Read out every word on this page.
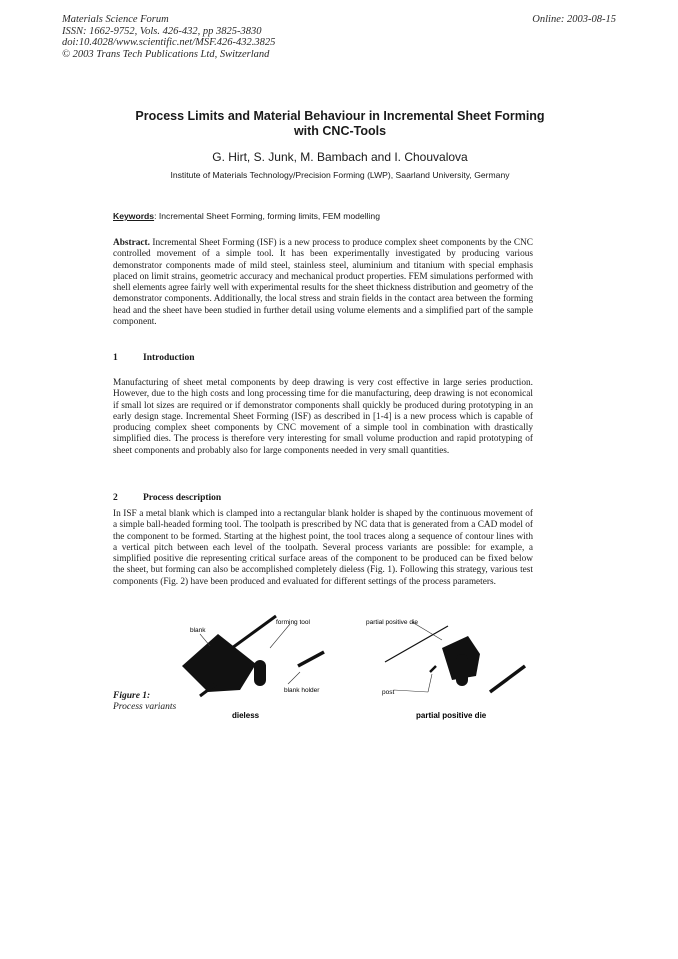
Materials Science Forum
ISSN: 1662-9752, Vols. 426-432, pp 3825-3830
doi:10.4028/www.scientific.net/MSF.426-432.3825
© 2003 Trans Tech Publications Ltd, Switzerland
Online: 2003-08-15
Process Limits and Material Behaviour in Incremental Sheet Forming
with CNC-Tools
G. Hirt, S. Junk, M. Bambach and I. Chouvalova
Institute of Materials Technology/Precision Forming (LWP), Saarland University, Germany
Keywords: Incremental Sheet Forming, forming limits, FEM modelling
Abstract. Incremental Sheet Forming (ISF) is a new process to produce complex sheet components by the CNC controlled movement of a simple tool. It has been experimentally investigated by producing various demonstrator components made of mild steel, stainless steel, aluminium and titanium with special emphasis placed on limit strains, geometric accuracy and mechanical product properties. FEM simulations performed with shell elements agree fairly well with experimental results for the sheet thickness distribution and geometry of the demonstrator components. Additionally, the local stress and strain fields in the contact area between the forming head and the sheet have been studied in further detail using volume elements and a simplified part of the sample component.
1	Introduction
Manufacturing of sheet metal components by deep drawing is very cost effective in large series production. However, due to the high costs and long processing time for die manufacturing, deep drawing is not economical if small lot sizes are required or if demonstrator components shall quickly be produced during prototyping in an early design stage. Incremental Sheet Forming (ISF) as described in [1-4] is a new process which is capable of producing complex sheet components by CNC movement of a simple tool in combination with drastically simplified dies. The process is therefore very interesting for small volume production and rapid prototyping of sheet components and probably also for large components needed in very small quantities.
2	Process description
In ISF a metal blank which is clamped into a rectangular blank holder is shaped by the continuous movement of a simple ball-headed forming tool. The toolpath is prescribed by NC data that is generated from a CAD model of the component to be formed. Starting at the highest point, the tool traces along a sequence of contour lines with a vertical pitch between each level of the toolpath. Several process variants are possible: for example, a simplified positive die representing critical surface areas of the component to be produced can be fixed below the sheet, but forming can also be accomplished completely dieless (Fig. 1). Following this strategy, various test components (Fig. 2) have been produced and evaluated for different settings of the process parameters.
blank
forming tool
blank holder
dieless
partial positive die
post
partial positive die
Figure 1:
Process variants
